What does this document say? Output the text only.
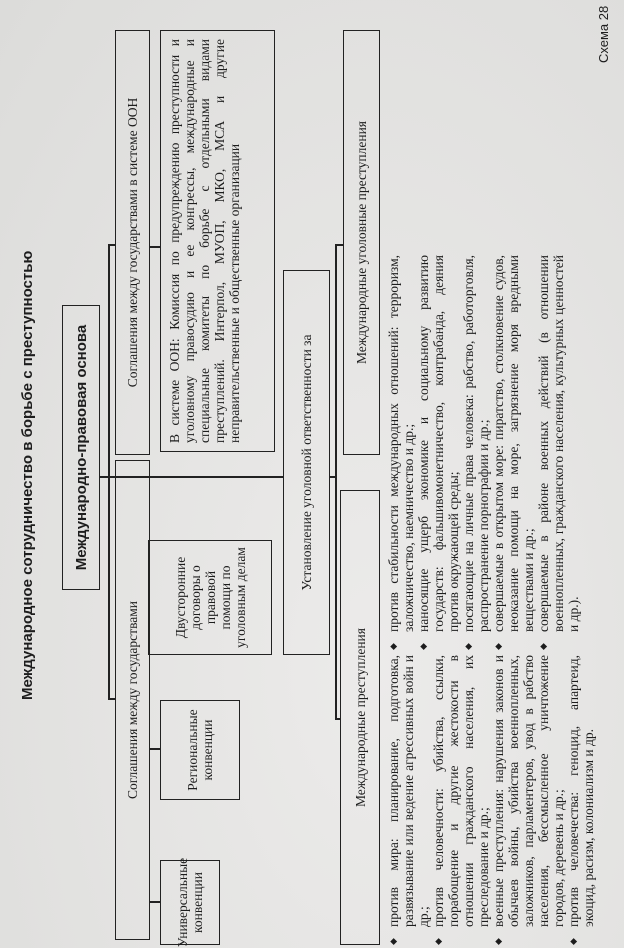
Схема 28
Международное сотрудничество в борьбе с преступностью	Международно-правовая основа
Соглашения между государствами
Соглашения между государствами в системе ООН
Универсальные конвенции
Региональные конвенции
Двусторонние договоры о правовой помощи по уголовным делам
В системе ООН: Комиссия по предупреждению преступности и уголовному правосудию и ее конгрессы, международные и специальные комитеты по борьбе с отдельными видами преступлений. Интерпол, МУОП, МКО, МСА и другие неправительственные и общественные организации
Установление уголовной ответственности за
Международные преступления
Международные уголовные преступления
◆ против мира: планирование, подготовка, развязывание или ведение агрессивных войн и др.; ◆ против человечности: убийства, ссылки, порабощение и другие жестокости в отношении гражданского населения, их преследование и др.; ◆ военные преступления: нарушения законов и обычаев войны, убийства военнопленных, заложников, парламентеров, увод в рабство населения, бессмысленное уничтожение городов, деревень и др.; ◆ против человечества: геноцид, апартеид, экоцид, расизм, колониализм и др.
◆ против стабильности международных отношений: терроризм, заложничество, наемничество и др.; ◆ наносящие ущерб экономике и социальному развитию государств: фальшивомонетничество, контрабанда, деяния против окружающей среды; ◆ посягающие на личные права человека: рабство, работорговля, распространение порнографии и др.; ◆ совершаемые в открытом море: пиратство, столкновение судов, неоказание помощи на море, загрязнение моря вредными веществами и др.; ◆ совершаемые в районе военных действий (в отношении военнопленных, гражданского населения, культурных ценностей и др.).
